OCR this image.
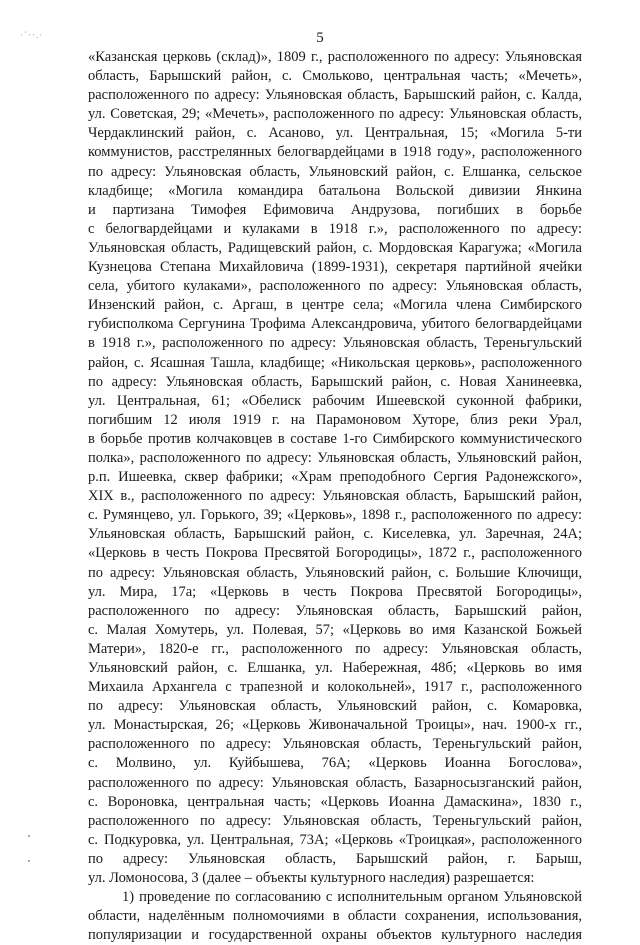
·´··.·	5
«Казанская церковь (склад)», 1809 г., расположенного по адресу: Ульяновская
область, Барышский район, с. Смольково, центральная часть; «Мечеть»,
расположенного по адресу: Ульяновская область, Барышский район, с. Калда,
ул. Советская, 29; «Мечеть», расположенного по адресу: Ульяновская область,
Чердаклинский район, с. Асаново, ул. Центральная, 15; «Могила 5-ти
коммунистов, расстрелянных белогвардейцами в 1918 году», расположенного
по адресу: Ульяновская область, Ульяновский район, с. Елшанка, сельское
кладбище; «Могила командира батальона Вольской дивизии Янкина
и партизана Тимофея Ефимовича Андрузова, погибших в борьбе
с белогвардейцами и кулаками в 1918 г.», расположенного по адресу:
Ульяновская область, Радищевский район, с. Мордовская Карагужа; «Могила
Кузнецова Степана Михайловича (1899-1931), секретаря партийной ячейки
села, убитого кулаками», расположенного по адресу: Ульяновская область,
Инзенский район, с. Аргаш, в центре села; «Могила члена Симбирского
губисполкома Сергунина Трофима Александровича, убитого белогвардейцами
в 1918 г.», расположенного по адресу: Ульяновская область, Тереньгульский
район, с. Ясашная Ташла, кладбище; «Никольская церковь», расположенного
по адресу: Ульяновская область, Барышский район, с. Новая Ханинеевка,
ул. Центральная, 61; «Обелиск рабочим Ишеевской суконной фабрики,
погибшим 12 июля 1919 г. на Парамоновом Хуторе, близ реки Урал,
в борьбе против колчаковцев в составе 1-го Симбирского коммунистического
полка», расположенного по адресу: Ульяновская область, Ульяновский район,
р.п. Ишеевка, сквер фабрики; «Храм преподобного Сергия Радонежского»,
XIX в., расположенного по адресу: Ульяновская область, Барышский район,
с. Румянцево, ул. Горького, 39; «Церковь», 1898 г., расположенного по адресу:
Ульяновская область, Барышский район, с. Киселевка, ул. Заречная, 24А;
«Церковь в честь Покрова Пресвятой Богородицы», 1872 г., расположенного
по адресу: Ульяновская область, Ульяновский район, с. Большие Ключищи,
ул. Мира, 17а; «Церковь в честь Покрова Пресвятой Богородицы»,
расположенного по адресу: Ульяновская область, Барышский район,
с. Малая Хомутерь, ул. Полевая, 57; «Церковь во имя Казанской Божьей
Матери», 1820-е гг., расположенного по адресу: Ульяновская область,
Ульяновский район, с. Елшанка, ул. Набережная, 48б; «Церковь во имя
Михаила Архангела с трапезной и колокольней», 1917 г., расположенного
по адресу: Ульяновская область, Ульяновский район, с. Комаровка,
ул. Монастырская, 26; «Церковь Живоначальной Троицы», нач. 1900-х гг.,
расположенного по адресу: Ульяновская область, Тереньгульский район,
с. Молвино, ул. Куйбышева, 76А; «Церковь Иоанна Богослова»,
расположенного по адресу: Ульяновская область, Базарносызганский район,
с. Вороновка, центральная часть; «Церковь Иоанна Дамаскина», 1830 г.,
расположенного по адресу: Ульяновская область, Тереньгульский район,
с. Подкуровка, ул. Центральная, 73А; «Церковь «Троицкая», расположенного
по адресу: Ульяновская область, Барышский район, г. Барыш,
ул. Ломоносова, 3 (далее – объекты культурного наследия) разрешается:
1) проведение по согласованию с исполнительным органом Ульяновской
области, наделённым полномочиями в области сохранения, использования,
популяризации и государственной охраны объектов культурного наследия
